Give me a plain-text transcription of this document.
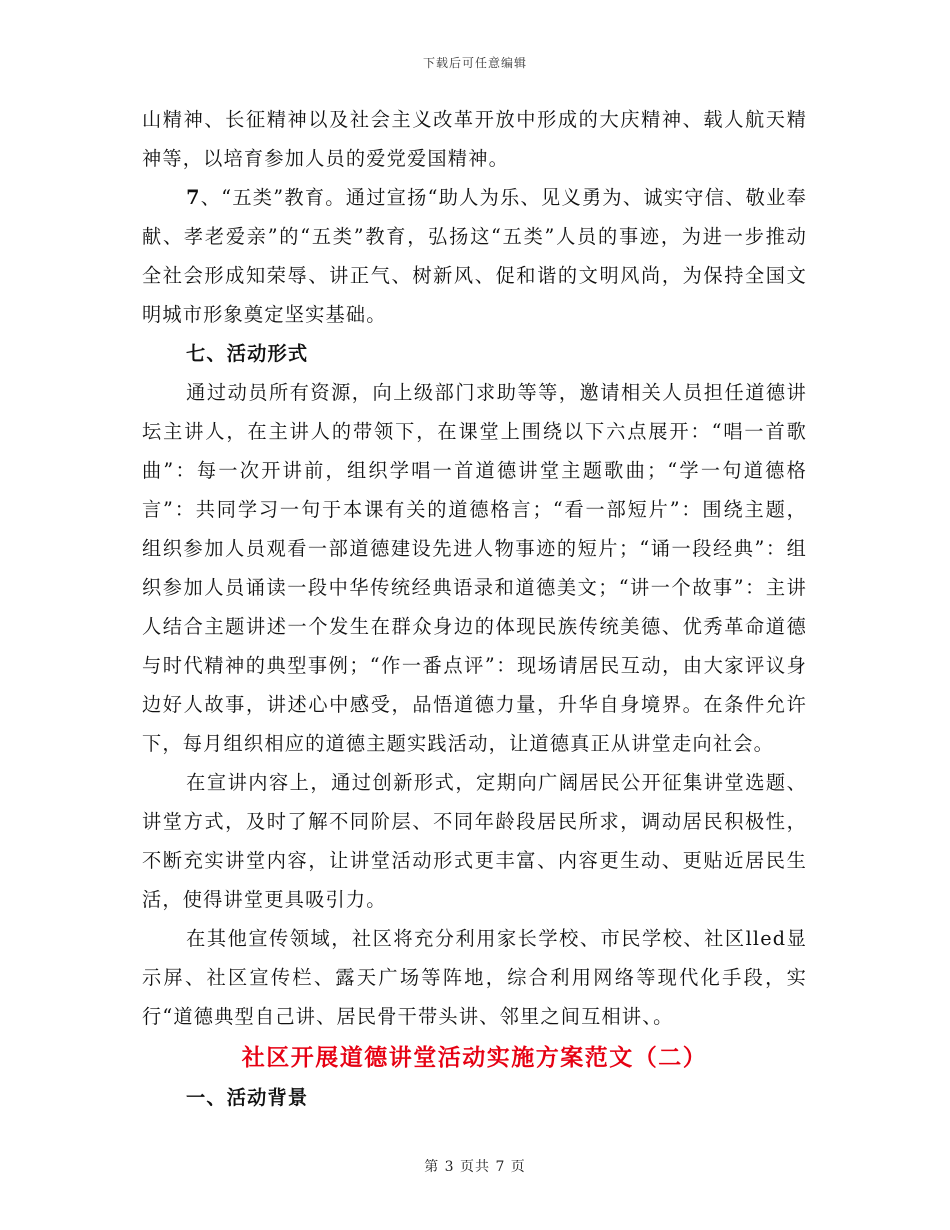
下载后可任意编辑

山精神、长征精神以及社会主义改革开放中形成的大庆精神、载人航天精神等，以培育参加人员的爱党爱国精神。

7、“五类”教育。通过宣扬“助人为乐、见义勇为、诚实守信、敬业奉献、孝老爱亲”的“五类”教育，弘扬这“五类”人员的事迹，为进一步推动全社会形成知荣辱、讲正气、树新风、促和谐的文明风尚，为保持全国文明城市形象奠定坚实基础。

七、活动形式

通过动员所有资源，向上级部门求助等等，邀请相关人员担任道德讲坛主讲人，在主讲人的带领下，在课堂上围绕以下六点展开：“唱一首歌曲”：每一次开讲前，组织学唱一首道德讲堂主题歌曲；“学一句道德格言”：共同学习一句于本课有关的道德格言；“看一部短片”：围绕主题，组织参加人员观看一部道德建设先进人物事迹的短片；“诵一段经典”：组织参加人员诵读一段中华传统经典语录和道德美文；“讲一个故事”：主讲人结合主题讲述一个发生在群众身边的体现民族传统美德、优秀革命道德与时代精神的典型事例；“作一番点评”：现场请居民互动，由大家评议身边好人故事，讲述心中感受，品悟道德力量，升华自身境界。在条件允许下，每月组织相应的道德主题实践活动，让道德真正从讲堂走向社会。

在宣讲内容上，通过创新形式，定期向广阔居民公开征集讲堂选题、讲堂方式，及时了解不同阶层、不同年龄段居民所求，调动居民积极性，不断充实讲堂内容，让讲堂活动形式更丰富、内容更生动、更贴近居民生活，使得讲堂更具吸引力。

在其他宣传领域，社区将充分利用家长学校、市民学校、社区lled显示屏、社区宣传栏、露天广场等阵地，综合利用网络等现代化手段，实行“道德典型自己讲、居民骨干带头讲、邻里之间互相讲、。

社区开展道德讲堂活动实施方案范文（二）

一、活动背景

第 3 页共 7 页
